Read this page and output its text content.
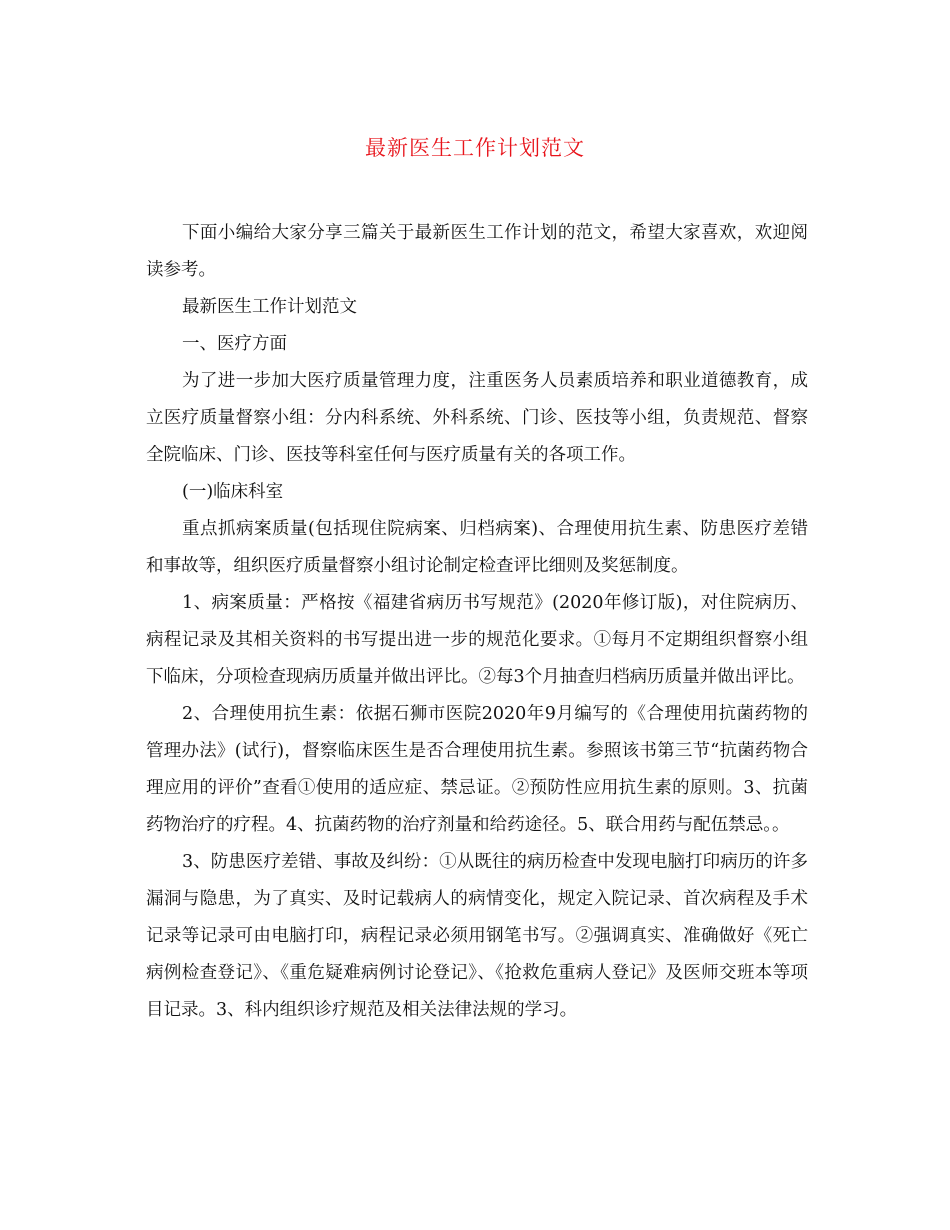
最新医生工作计划范文

下面小编给大家分享三篇关于最新医生工作计划的范文，希望大家喜欢，欢迎阅读参考。

最新医生工作计划范文

一、医疗方面

为了进一步加大医疗质量管理力度，注重医务人员素质培养和职业道德教育，成立医疗质量督察小组：分内科系统、外科系统、门诊、医技等小组，负责规范、督察全院临床、门诊、医技等科室任何与医疗质量有关的各项工作。

(一)临床科室

重点抓病案质量(包括现住院病案、归档病案)、合理使用抗生素、防患医疗差错和事故等，组织医疗质量督察小组讨论制定检查评比细则及奖惩制度。

1、病案质量：严格按《福建省病历书写规范》(2020年修订版)，对住院病历、病程记录及其相关资料的书写提出进一步的规范化要求。①每月不定期组织督察小组下临床，分项检查现病历质量并做出评比。②每3个月抽查归档病历质量并做出评比。

2、合理使用抗生素：依据石狮市医院2020年9月编写的《合理使用抗菌药物的管理办法》(试行)，督察临床医生是否合理使用抗生素。参照该书第三节“抗菌药物合理应用的评价”查看①使用的适应症、禁忌证。②预防性应用抗生素的原则。3、抗菌药物治疗的疗程。4、抗菌药物的治疗剂量和给药途径。5、联合用药与配伍禁忌。。

3、防患医疗差错、事故及纠纷：①从既往的病历检查中发现电脑打印病历的许多漏洞与隐患，为了真实、及时记载病人的病情变化，规定入院记录、首次病程及手术记录等记录可由电脑打印，病程记录必须用钢笔书写。②强调真实、准确做好《死亡病例检查登记》、《重危疑难病例讨论登记》、《抢救危重病人登记》及医师交班本等项目记录。3、科内组织诊疗规范及相关法律法规的学习。
